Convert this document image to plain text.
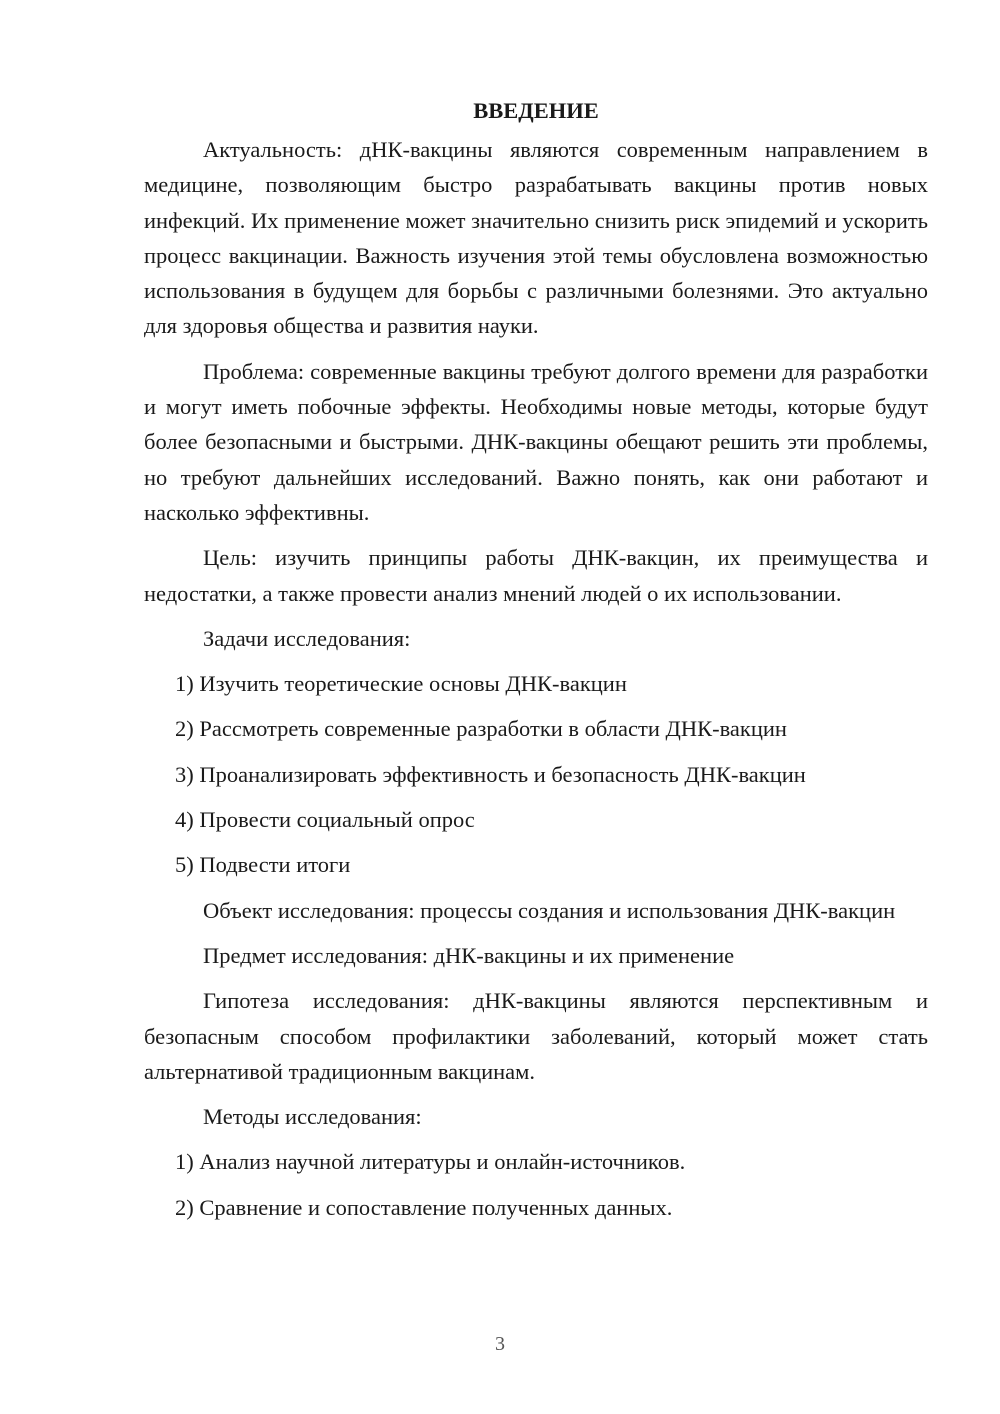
ВВЕДЕНИЕ

Актуальность: дНК-вакцины являются современным направлением в медицине, позволяющим быстро разрабатывать вакцины против новых инфекций. Их применение может значительно снизить риск эпидемий и ускорить процесс вакцинации. Важность изучения этой темы обусловлена возможностью использования в будущем для борьбы с различными болезнями. Это актуально для здоровья общества и развития науки.

Проблема: современные вакцины требуют долгого времени для разработки и могут иметь побочные эффекты. Необходимы новые методы, которые будут более безопасными и быстрыми. ДНК-вакцины обещают решить эти проблемы, но требуют дальнейших исследований. Важно понять, как они работают и насколько эффективны.

Цель: изучить принципы работы ДНК-вакцин, их преимущества и недостатки, а также провести анализ мнений людей о их использовании.

Задачи исследования:

1) Изучить теоретические основы ДНК-вакцин

2) Рассмотреть современные разработки в области ДНК-вакцин

3) Проанализировать эффективность и безопасность ДНК-вакцин

4) Провести социальный опрос

5) Подвести итоги

Объект исследования: процессы создания и использования ДНК-вакцин

Предмет исследования: дНК-вакцины и их применение

Гипотеза исследования: дНК-вакцины являются перспективным и безопасным способом профилактики заболеваний, который может стать альтернативой традиционным вакцинам.

Методы исследования:

1) Анализ научной литературы и онлайн-источников.

2) Сравнение и сопоставление полученных данных.

3
